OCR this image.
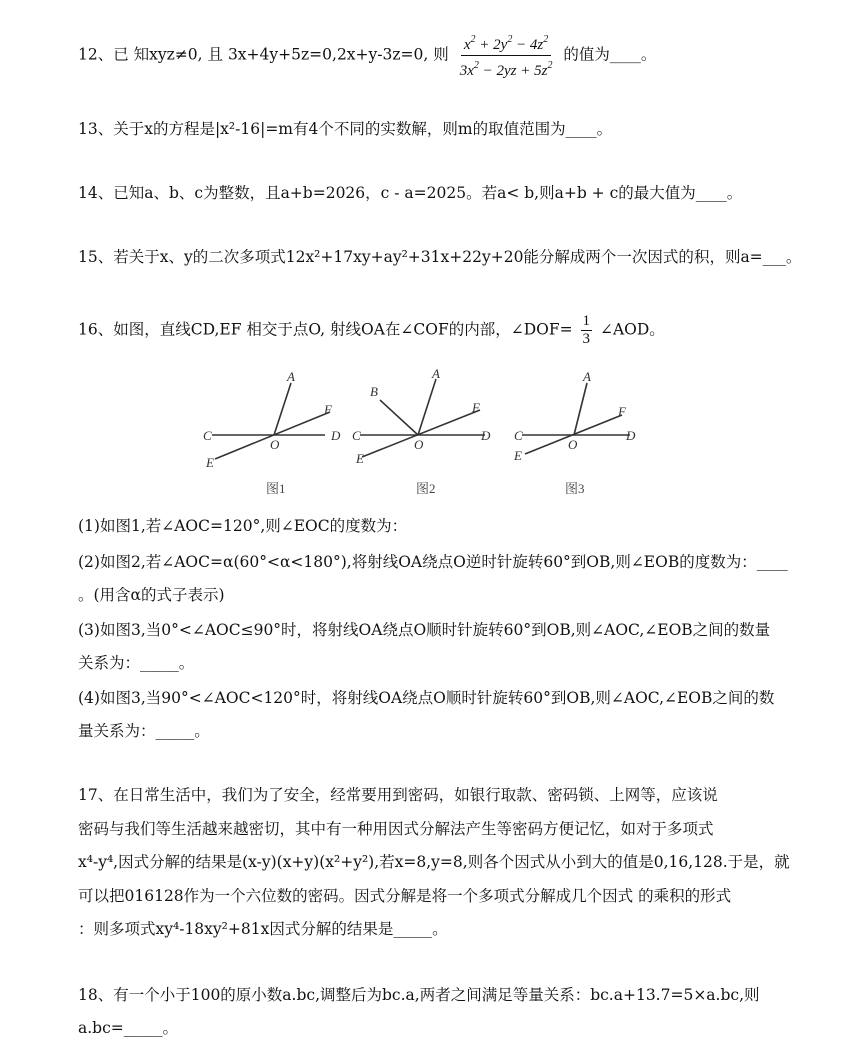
12、已 知xyz≠0, 且 3x+4y+5z=0,2x+y-3z=0, 则 $\frac{x^2 + 2y^2 - 4z^2}{3x^2 - 2yz + 5z^2}$ 的值为____。
13、关于x的方程是|x²-16|=m有4个不同的实数解，则m的取值范围为____。
14、已知a、b、c为整数，且a+b=2026，c - a=2025。若a< b,则a+b + c的最大值为____。
15、若关于x、y的二次多项式12x²+17xy+ay²+31x+22y+20能分解成两个一次因式的积，则a=___。
16、如图，直线CD,EF 相交于点O, 射线OA在∠COF的内部，∠DOF= $\frac{1}{3}$ ∠AOD。
A
F
C	D
O
E
B
A
F
C	D
O
E
A
F
C	D
O
E
图1	图2	图3
(1)如图1,若∠AOC=120°,则∠EOC的度数为：
(2)如图2,若∠AOC=α(60°<α<180°),将射线OA绕点O逆时针旋转60°到OB,则∠EOB的度数为：____
。(用含α的式子表示)
(3)如图3,当0°<∠AOC≤90°时，将射线OA绕点O顺时针旋转60°到OB,则∠AOC,∠EOB之间的数量
关系为：_____。
(4)如图3,当90°<∠AOC<120°时，将射线OA绕点O顺时针旋转60°到OB,则∠AOC,∠EOB之间的数
量关系为：_____。
17、在日常生活中，我们为了安全，经常要用到密码，如银行取款、密码锁、上网等，应该说
密码与我们等生活越来越密切，其中有一种用因式分解法产生等密码方便记忆，如对于多项式
x⁴-y⁴,因式分解的结果是(x-y)(x+y)(x²+y²),若x=8,y=8,则各个因式从小到大的值是0,16,128.于是，就
可以把016128作为一个六位数的密码。因式分解是将一个多项式分解成几个因式 的乘积的形式
：则多项式xy⁴-18xy²+81x因式分解的结果是_____。
18、有一个小于100的原小数a.bc,调整后为bc.a,两者之间满足等量关系：bc.a+13.7=5×a.bc,则
a.bc=_____。
